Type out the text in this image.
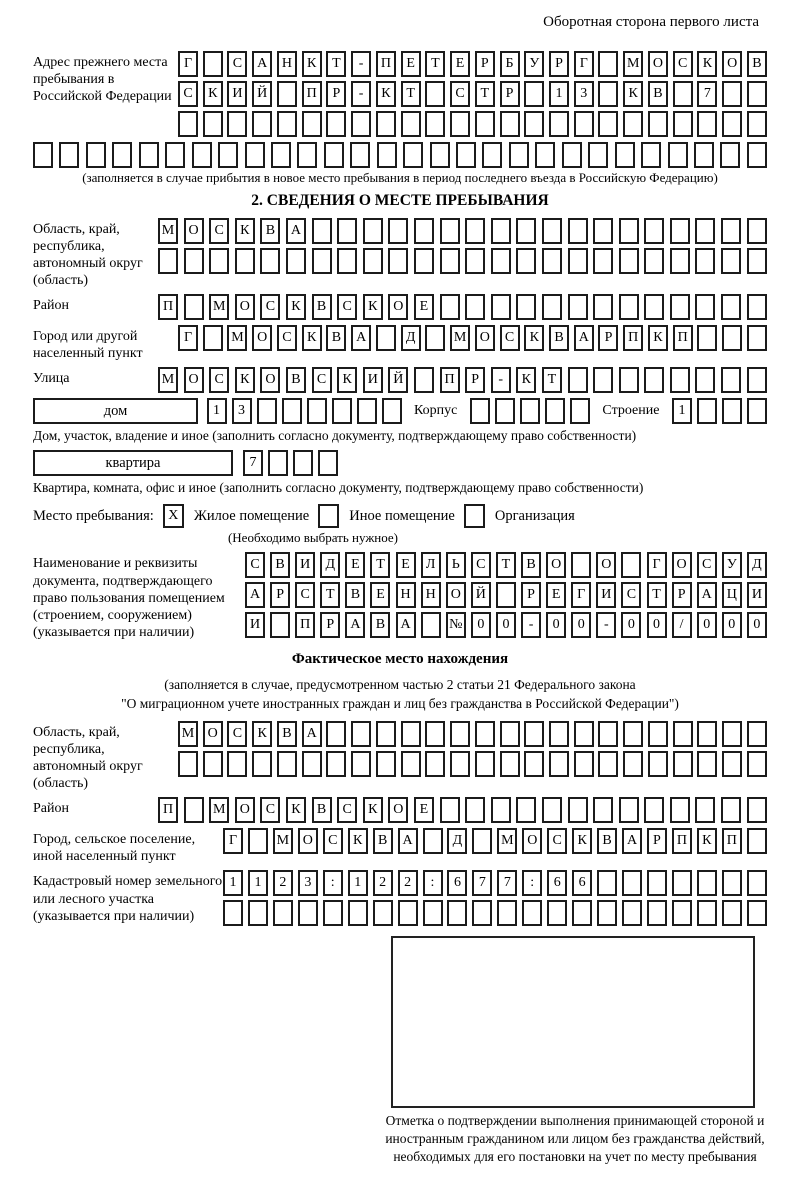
Оборотная сторона первого листа
Адрес прежнего места пребывания в Российской Федерации
Г	С	А	Н	К	Т	-	П	Е	Т	Е	Р	Б	У	Р	Г	М О	С	К	О	В
С	К	И	Й	П	Р	-	К	Т	С	Т	Р	1	3	К	В	7
(заполняется в случае прибытия в новое место пребывания в период последнего въезда в Российскую Федерацию)
2. СВЕДЕНИЯ О МЕСТЕ ПРЕБЫВАНИЯ
Область, край, республика, автономный округ (область)
М	О	С	К	В	А
Район	П	М	О	С	К	В	С	К	О	Е
Город или другой населенный пункт
Г	М О	С	К	В	А	Д	М О	С	К	В	А	Р	П	К	П
Улица	М	О	С	К	О	В	С	К	И	Й	П	Р	-	К	Т
дом	1	3	Корпус	Строение	1
Дом, участок, владение и иное (заполнить согласно документу, подтверждающему право собственности)
квартира	7
Квартира, комната, офис и иное (заполнить согласно документу, подтверждающему право собственности)
Место пребывания:	X	Жилое помещение	Иное помещение	Организация
(Необходимо выбрать нужное)
Наименование и реквизиты документа, подтверждающего право пользования помещением (строением, сооружением) (указывается при наличии)
С	В	И	Д	Е	Т	Е	Л	Ь	С	Т	В	О	О	Г	О	С	У	Д
А	Р	С	Т	В	Е	Н	Н	О	Й	Р	Е	Г	И	С	Т	Р	А	Ц	И
И	П	Р	А	В	А	№	0	0	-	0	0	-	0	0	/	0	0	0
Фактическое место нахождения
(заполняется в случае, предусмотренном частью 2 статьи 21 Федерального закона
"О миграционном учете иностранных граждан и лиц без гражданства в Российской Федерации")
Область, край, республика, автономный округ (область)
М О	С	К	В	А
Район	П	М	О	С	К	В	С	К	О	Е
Город, сельское поселение, иной населенный пункт
Г	М О	С	К	В	А	Д	М О	С	К	В	А	Р	П	К	П
Кадастровый номер земельного или лесного участка (указывается при наличии)
1	1	2	3	:	1	2	2	:	6	7	7	:	6	6
Отметка о подтверждении выполнения принимающей стороной и иностранным гражданином или лицом без гражданства действий, необходимых для его постановки на учет по месту пребывания
